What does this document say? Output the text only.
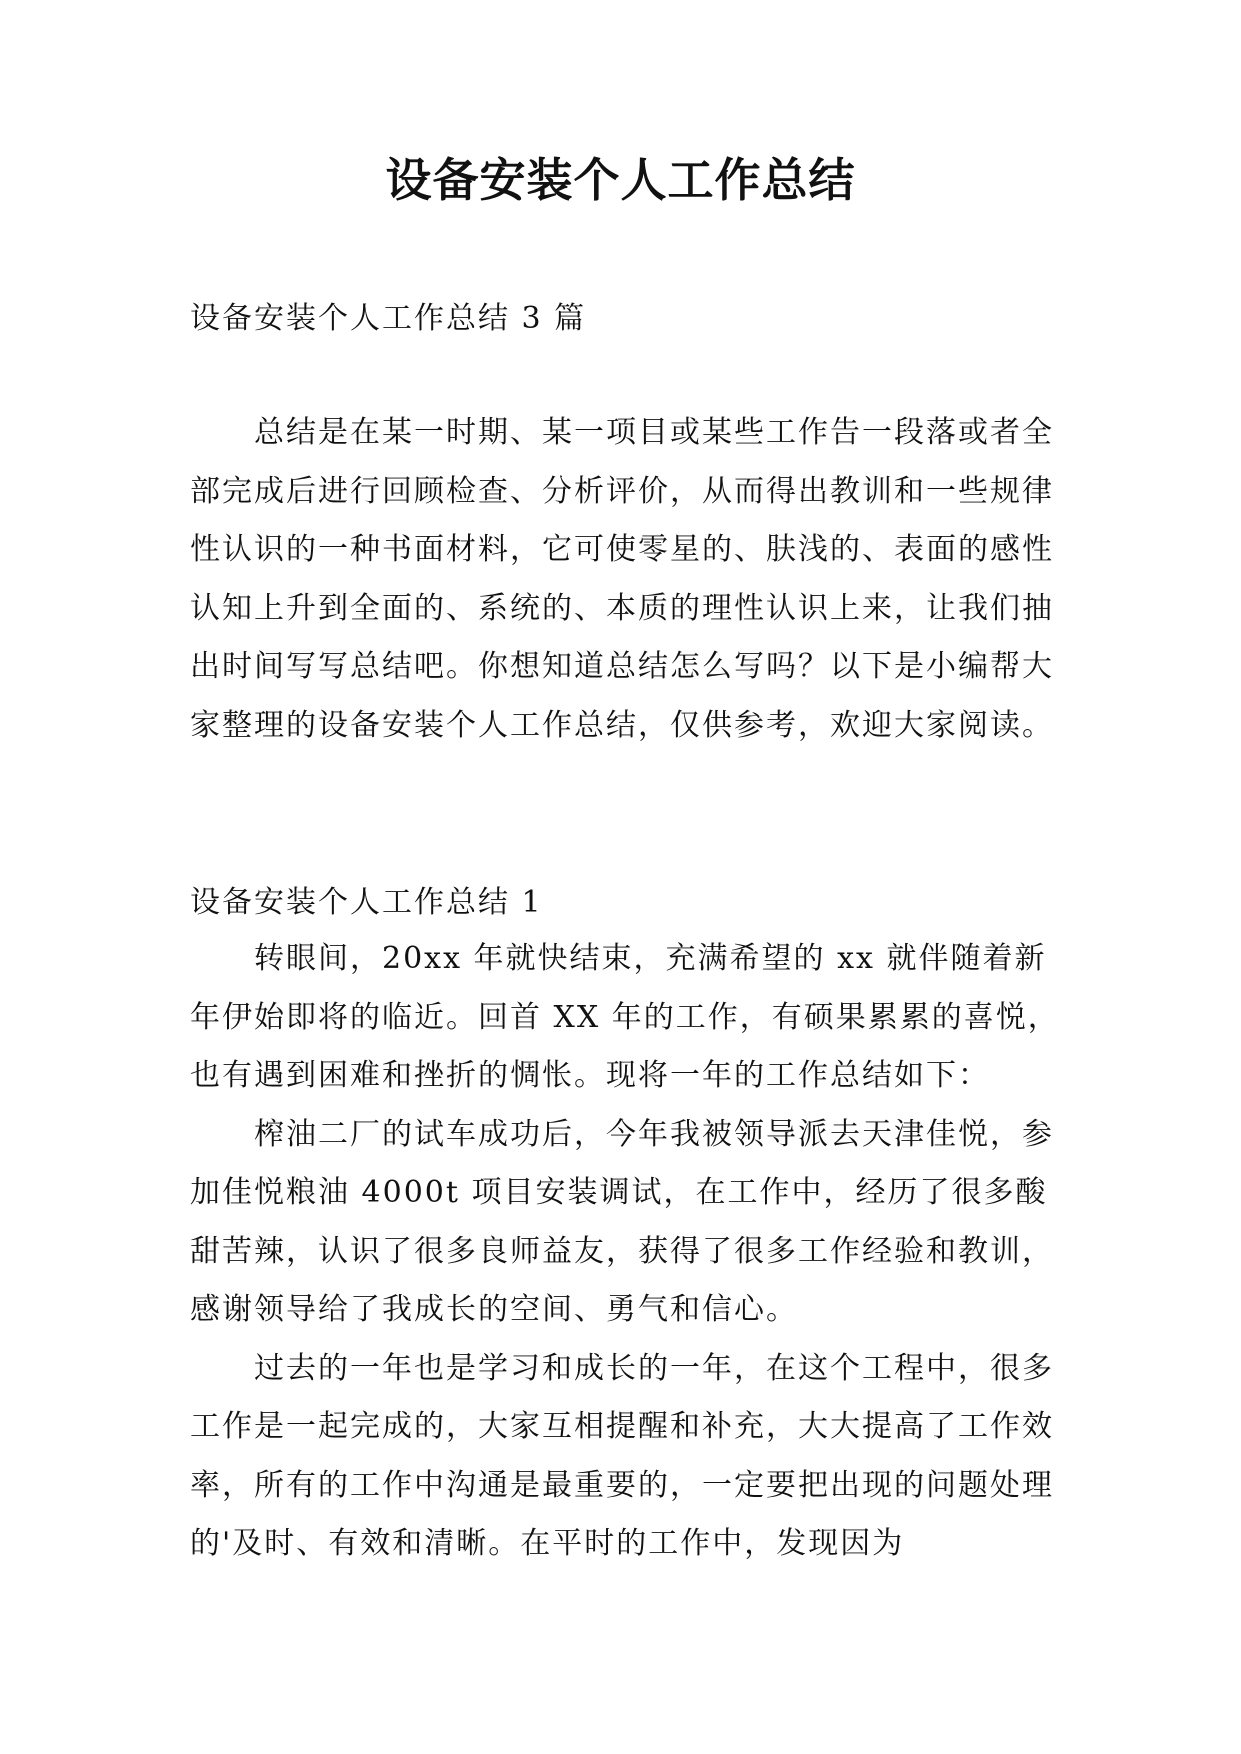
设备安装个人工作总结
设备安装个人工作总结 3 篇
总结是在某一时期、某一项目或某些工作告一段落或者全部完成后进行回顾检查、分析评价，从而得出教训和一些规律性认识的一种书面材料，它可使零星的、肤浅的、表面的感性认知上升到全面的、系统的、本质的理性认识上来，让我们抽出时间写写总结吧。你想知道总结怎么写吗？以下是小编帮大家整理的设备安装个人工作总结，仅供参考，欢迎大家阅读。
设备安装个人工作总结 1

转眼间，20xx 年就快结束，充满希望的 xx 就伴随着新年伊始即将的临近。回首 XX 年的工作，有硕果累累的喜悦，也有遇到困难和挫折的惆怅。现将一年的工作总结如下：

榨油二厂的试车成功后，今年我被领导派去天津佳悦，参加佳悦粮油 4000t 项目安装调试，在工作中，经历了很多酸甜苦辣，认识了很多良师益友，获得了很多工作经验和教训，感谢领导给了我成长的空间、勇气和信心。

过去的一年也是学习和成长的一年，在这个工程中，很多工作是一起完成的，大家互相提醒和补充，大大提高了工作效率，所有的工作中沟通是最重要的，一定要把出现的问题处理的'及时、有效和清晰。在平时的工作中，发现因为
